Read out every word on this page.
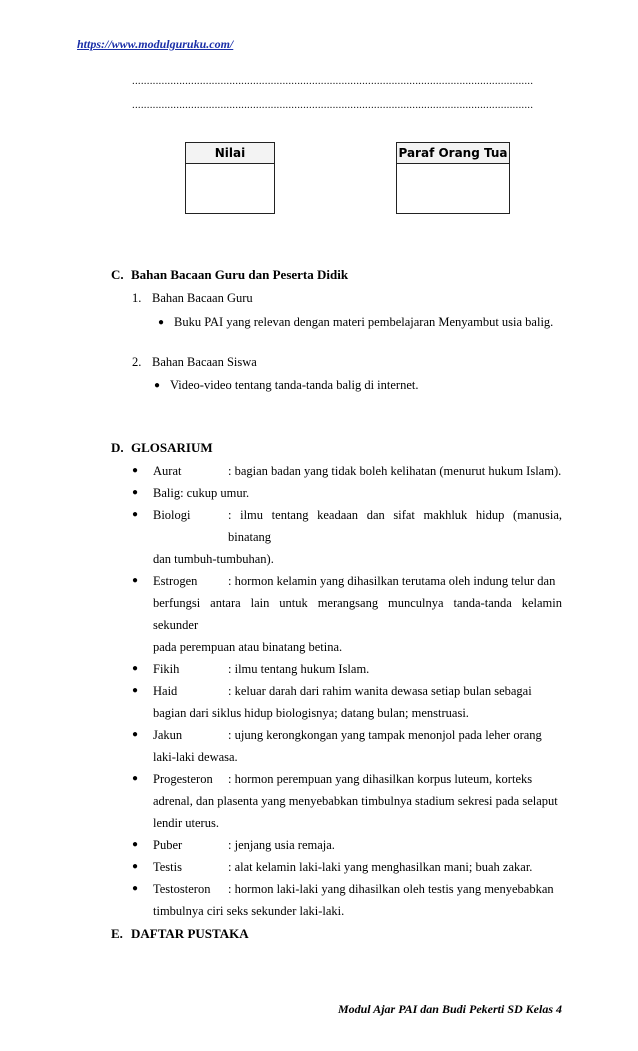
https://www.modulguruku.com/
........................................................................................................................................
........................................................................................................................................
Nilai	Paraf Orang Tua
C. Bahan Bacaan Guru dan Peserta Didik
1. Bahan Bacaan Guru
● Buku PAI yang relevan dengan materi pembelajaran Menyambut usia balig.
2. Bahan Bacaan Siswa
● Video-video tentang tanda-tanda balig di internet.
D. GLOSARIUM
●	Aurat	: bagian badan yang tidak boleh kelihatan (menurut hukum Islam).
●	Balig: cukup umur.
●	Biologi	: ilmu tentang keadaan dan sifat makhluk hidup (manusia, binatang
dan tumbuh-tumbuhan).
●	Estrogen	: hormon kelamin yang dihasilkan terutama oleh indung telur dan
berfungsi antara lain untuk merangsang munculnya tanda-tanda kelamin sekunder
pada perempuan atau binatang betina.
●	Fikih	: ilmu tentang hukum Islam.
●	Haid	: keluar darah dari rahim wanita dewasa setiap bulan sebagai
bagian dari siklus hidup biologisnya; datang bulan; menstruasi.
●	Jakun	: ujung kerongkongan yang tampak menonjol pada leher orang
laki-laki dewasa.
●	Progesteron	: hormon perempuan yang dihasilkan korpus luteum, korteks
adrenal, dan plasenta yang menyebabkan timbulnya stadium sekresi pada selaput
lendir uterus.
●	Puber	: jenjang usia remaja.
●	Testis	: alat kelamin laki-laki yang menghasilkan mani; buah zakar.
●	Testosteron	: hormon laki-laki yang dihasilkan oleh testis yang menyebabkan
timbulnya ciri seks sekunder laki-laki.
E. DAFTAR PUSTAKA
Modul Ajar PAI dan Budi Pekerti SD Kelas 4
